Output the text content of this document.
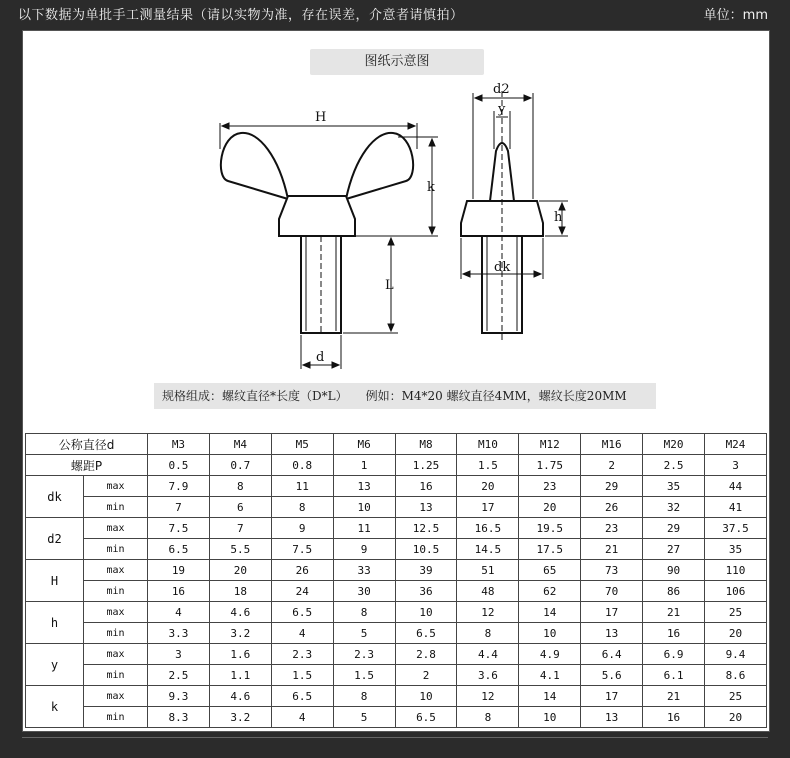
以下数据为单批手工测量结果（请以实物为准，存在误差，介意者请慎拍）	单位：mm
图纸示意图
H
k
L
d
d2
y
h
dk
规格组成：螺纹直径*长度（D*L） 例如：M4*20 螺纹直径4MM，螺纹长度20MM
公称直径d		M3	M4	M5	M6	M8	M10	M12	M16	M20	M24
螺距P		0.5	0.7	0.8	1	1.25	1.5	1.75	2	2.5	3
dk	max	7.9	8	11	13	16	20	23	29	35	44
	min	7	6	8	10	13	17	20	26	32	41
d2	max	7.5	7	9	11	12.5	16.5	19.5	23	29	37.5
	min	6.5	5.5	7.5	9	10.5	14.5	17.5	21	27	35
H	max	19	20	26	33	39	51	65	73	90	110
	min	16	18	24	30	36	48	62	70	86	106
h	max	4	4.6	6.5	8	10	12	14	17	21	25
	min	3.3	3.2	4	5	6.5	8	10	13	16	20
y	max	3	1.6	2.3	2.3	2.8	4.4	4.9	6.4	6.9	9.4
	min	2.5	1.1	1.5	1.5	2	3.6	4.1	5.6	6.1	8.6
k	max	9.3	4.6	6.5	8	10	12	14	17	21	25
	min	8.3	3.2	4	5	6.5	8	10	13	16	20
